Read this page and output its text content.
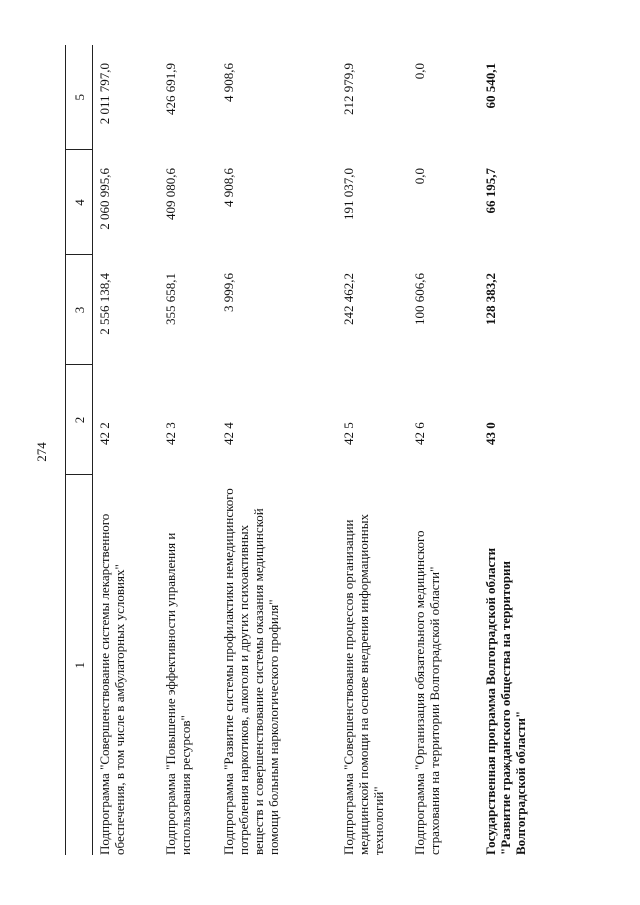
274
1	2	3	4	5
Подпрограмма "Совершенствование системы лекарственного обеспечения, в том числе в амбулаторных условиях"	42 2	2 556 138,4	2 060 995,6	2 011 797,0
Подпрограмма "Повышение эффективности управления и использования ресурсов"	42 3	355 658,1	409 080,6	426 691,9
Подпрограмма "Развитие системы профилактики немедицинского потребления наркотиков, алкоголя и других психоактивных веществ и совершенствование системы оказания медицинской помощи больным наркологического профиля"	42 4	3 999,6	4 908,6	4 908,6
Подпрограмма "Совершенствование процессов организации медицинской помощи на основе внедрения информационных технологий"	42 5	242 462,2	191 037,0	212 979,9
Подпрограмма "Организация обязательного медицинского страхования на территории Волгоградской области"	42 6	100 606,6	0,0	0,0
Государственная программа Волгоградской области "Развитие гражданского общества на территории Волгоградской области"	43 0	128 383,2	66 195,7	60 540,1
